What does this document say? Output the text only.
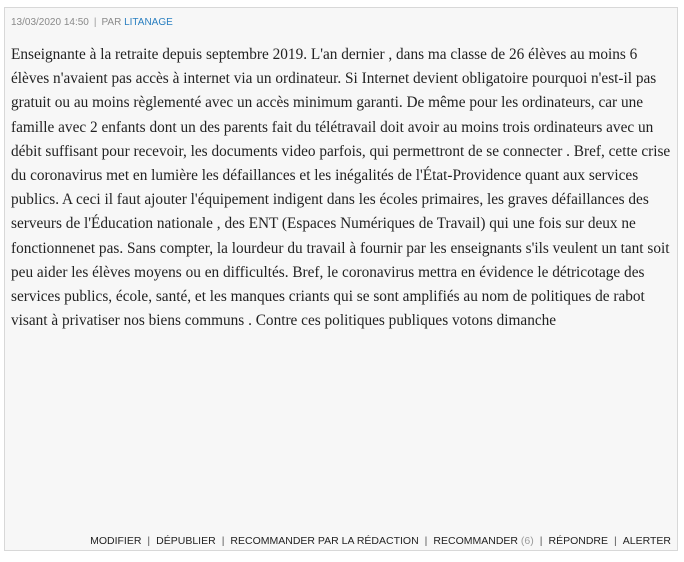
13/03/2020 14:50 | PAR LITANAGE

Enseignante à la retraite depuis septembre 2019. L'an dernier , dans ma classe de 26 élèves au moins 6 élèves n'avaient pas accès à internet via un ordinateur. Si Internet devient obligatoire pourquoi n'est-il pas gratuit ou au moins règlementé avec un accès minimum garanti. De même pour les ordinateurs, car une famille avec 2 enfants dont un des parents fait du télétravail doit avoir au moins trois ordinateurs avec un débit suffisant pour recevoir, les documents video parfois, qui permettront de se connecter . Bref, cette crise du coronavirus met en lumière les défaillances et les inégalités de l'État-Providence quant aux services publics. A ceci il faut ajouter l'équipement indigent dans les écoles primaires, les graves défaillances des serveurs de l'Éducation nationale , des ENT (Espaces Numériques de Travail) qui une fois sur deux ne fonctionnenet pas. Sans compter, la lourdeur du travail à fournir par les enseignants s'ils veulent un tant soit peu aider les élèves moyens ou en difficultés. Bref, le coronavirus mettra en évidence le détricotage des services publics, école, santé, et les manques criants qui se sont amplifiés au nom de politiques de rabot visant à privatiser nos biens communs . Contre ces politiques publiques votons dimanche

MODIFIER | DÉPUBLIER | RECOMMANDER PAR LA RÉDACTION | RECOMMANDER (6) | RÉPONDRE | ALERTER
